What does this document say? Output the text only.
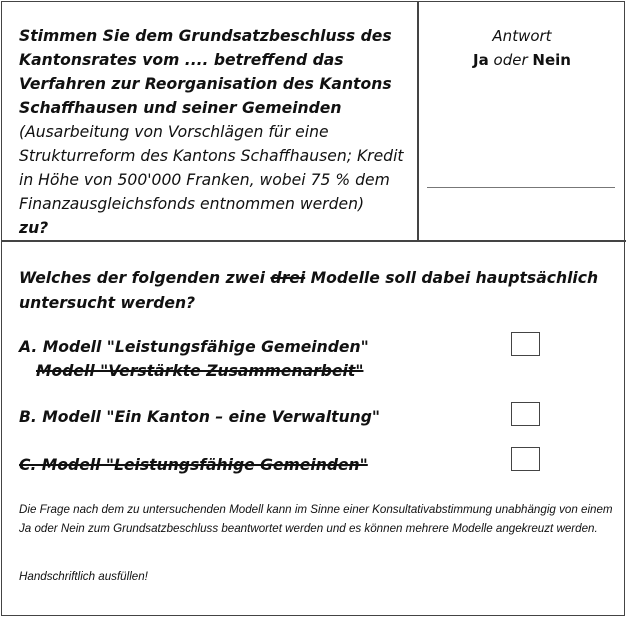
Stimmen Sie dem Grundsatzbeschluss des Kantonsrates vom .... betreffend das Verfahren zur Reorganisation des Kantons Schaffhausen und seiner Gemeinden
(Ausarbeitung von Vorschlägen für eine Strukturreform des Kantons Schaffhausen; Kredit in Höhe von 500'000 Franken, wobei 75 % dem Finanzausgleichsfonds entnommen werden)
zu?
Antwort
Ja oder Nein
Welches der folgenden zwei drei Modelle soll dabei hauptsächlich untersucht werden?
A. Modell "Leistungsfähige Gemeinden"
Modell "Verstärkte Zusammenarbeit"
B. Modell "Ein Kanton – eine Verwaltung"
C. Modell "Leistungsfähige Gemeinden"
Die Frage nach dem zu untersuchenden Modell kann im Sinne einer Konsultativabstimmung unabhängig von einem Ja oder Nein zum Grundsatzbeschluss beantwortet werden und es können mehrere Modelle angekreuzt werden.
Handschriftlich ausfüllen!
